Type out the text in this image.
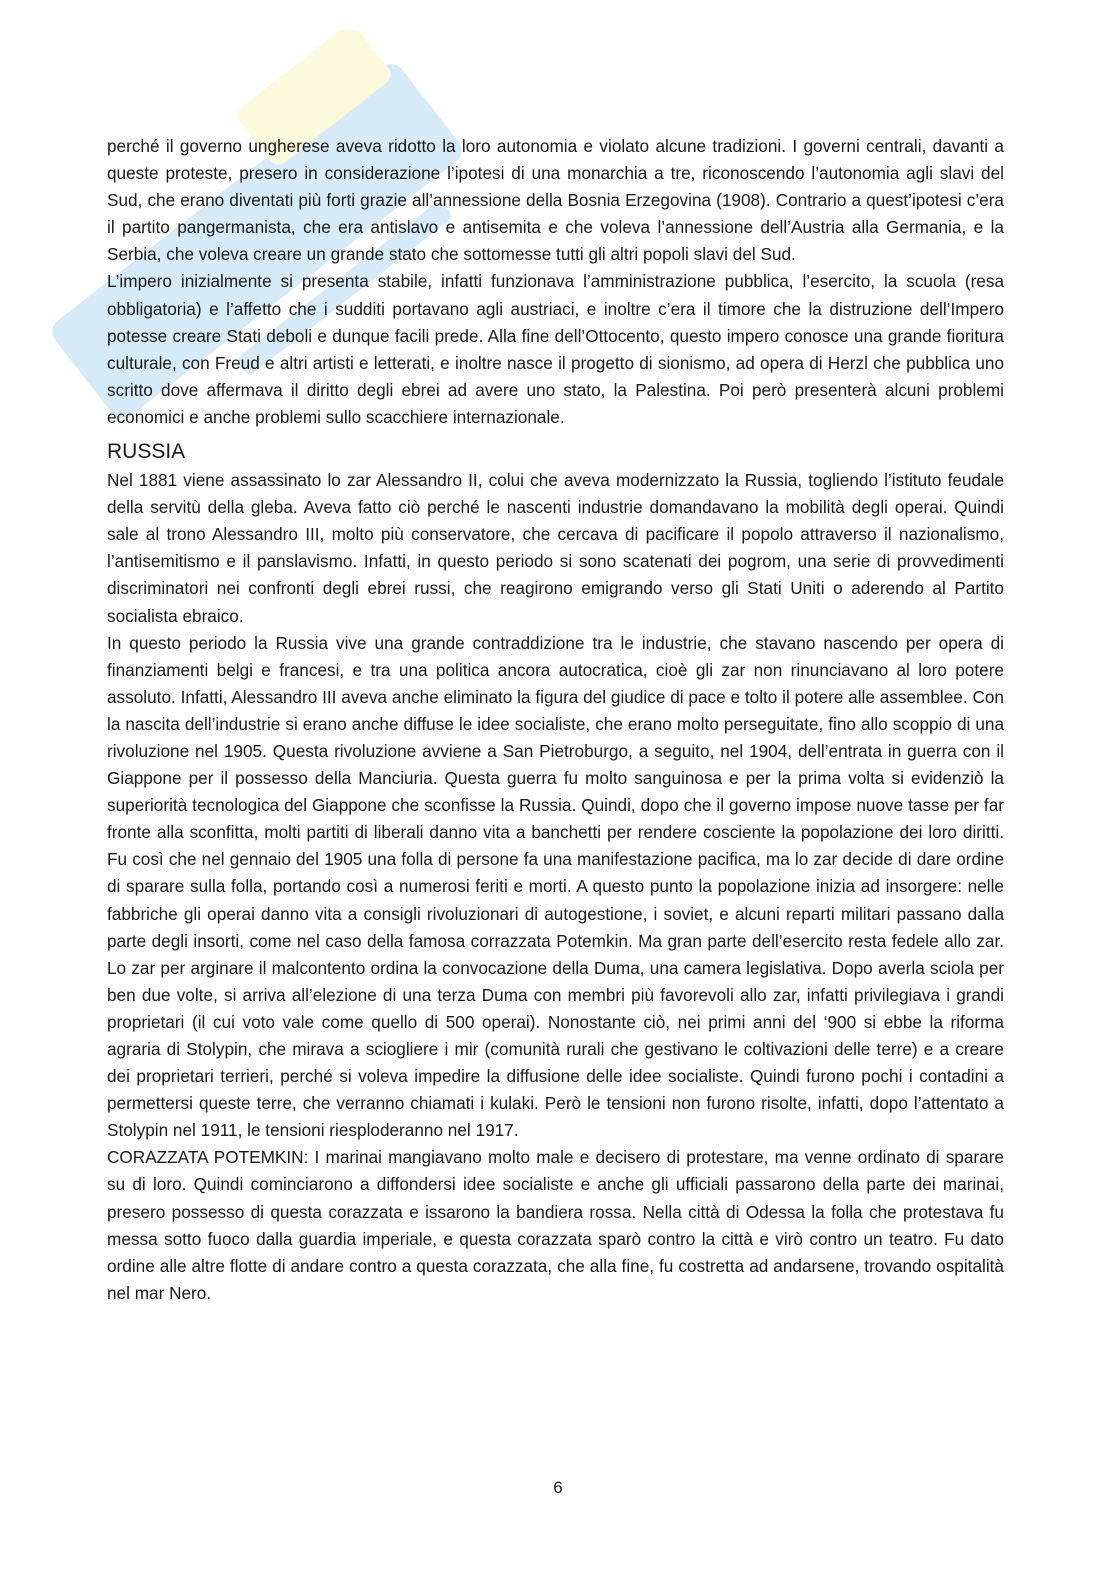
perché il governo ungherese aveva ridotto la loro autonomia e violato alcune tradizioni. I governi centrali, davanti a queste proteste, presero in considerazione l’ipotesi di una monarchia a tre, riconoscendo l’autonomia agli slavi del Sud, che erano diventati più forti grazie all’annessione della Bosnia Erzegovina (1908). Contrario a quest’ipotesi c’era il partito pangermanista, che era antislavo e antisemita e che voleva l’annessione dell’Austria alla Germania, e la Serbia, che voleva creare un grande stato che sottomesse tutti gli altri popoli slavi del Sud.

L’impero inizialmente si presenta stabile, infatti funzionava l’amministrazione pubblica, l’esercito, la scuola (resa obbligatoria) e l’affetto che i sudditi portavano agli austriaci, e inoltre c’era il timore che la distruzione dell’Impero potesse creare Stati deboli e dunque facili prede. Alla fine dell’Ottocento, questo impero conosce una grande fioritura culturale, con Freud e altri artisti e letterati, e inoltre nasce il progetto di sionismo, ad opera di Herzl che pubblica uno scritto dove affermava il diritto degli ebrei ad avere uno stato, la Palestina. Poi però presenterà alcuni problemi economici e anche problemi sullo scacchiere internazionale.

RUSSIA

Nel 1881 viene assassinato lo zar Alessandro II, colui che aveva modernizzato la Russia, togliendo l’istituto feudale della servitù della gleba. Aveva fatto ciò perché le nascenti industrie domandavano la mobilità degli operai. Quindi sale al trono Alessandro III, molto più conservatore, che cercava di pacificare il popolo attraverso il nazionalismo, l’antisemitismo e il panslavismo. Infatti, in questo periodo si sono scatenati dei pogrom, una serie di provvedimenti discriminatori nei confronti degli ebrei russi, che reagirono emigrando verso gli Stati Uniti o aderendo al Partito socialista ebraico.

In questo periodo la Russia vive una grande contraddizione tra le industrie, che stavano nascendo per opera di finanziamenti belgi e francesi, e tra una politica ancora autocratica, cioè gli zar non rinunciavano al loro potere assoluto. Infatti, Alessandro III aveva anche eliminato la figura del giudice di pace e tolto il potere alle assemblee. Con la nascita dell’industrie si erano anche diffuse le idee socialiste, che erano molto perseguitate, fino allo scoppio di una rivoluzione nel 1905. Questa rivoluzione avviene a San Pietroburgo, a seguito, nel 1904, dell’entrata in guerra con il Giappone per il possesso della Manciuria. Questa guerra fu molto sanguinosa e per la prima volta si evidenziò la superiorità tecnologica del Giappone che sconfisse la Russia. Quindi, dopo che il governo impose nuove tasse per far fronte alla sconfitta, molti partiti di liberali danno vita a banchetti per rendere cosciente la popolazione dei loro diritti. Fu così che nel gennaio del 1905 una folla di persone fa una manifestazione pacifica, ma lo zar decide di dare ordine di sparare sulla folla, portando così a numerosi feriti e morti. A questo punto la popolazione inizia ad insorgere: nelle fabbriche gli operai danno vita a consigli rivoluzionari di autogestione, i soviet, e alcuni reparti militari passano dalla parte degli insorti, come nel caso della famosa corrazzata Potemkin. Ma gran parte dell’esercito resta fedele allo zar. Lo zar per arginare il malcontento ordina la convocazione della Duma, una camera legislativa. Dopo averla sciola per ben due volte, si arriva all’elezione di una terza Duma con membri più favorevoli allo zar, infatti privilegiava i grandi proprietari (il cui voto vale come quello di 500 operai). Nonostante ciò, nei primi anni del ‘900 si ebbe la riforma agraria di Stolypin, che mirava a sciogliere i mir (comunità rurali che gestivano le coltivazioni delle terre) e a creare dei proprietari terrieri, perché si voleva impedire la diffusione delle idee socialiste. Quindi furono pochi i contadini a permettersi queste terre, che verranno chiamati i kulaki. Però le tensioni non furono risolte, infatti, dopo l’attentato a Stolypin nel 1911, le tensioni riesploderanno nel 1917.

CORAZZATA POTEMKIN: I marinai mangiavano molto male e decisero di protestare, ma venne ordinato di sparare su di loro. Quindi cominciarono a diffondersi idee socialiste e anche gli ufficiali passarono della parte dei marinai, presero possesso di questa corazzata e issarono la bandiera rossa. Nella città di Odessa la folla che protestava fu messa sotto fuoco dalla guardia imperiale, e questa corazzata sparò contro la città e virò contro un teatro. Fu dato ordine alle altre flotte di andare contro a questa corazzata, che alla fine, fu costretta ad andarsene, trovando ospitalità nel mar Nero.

6
